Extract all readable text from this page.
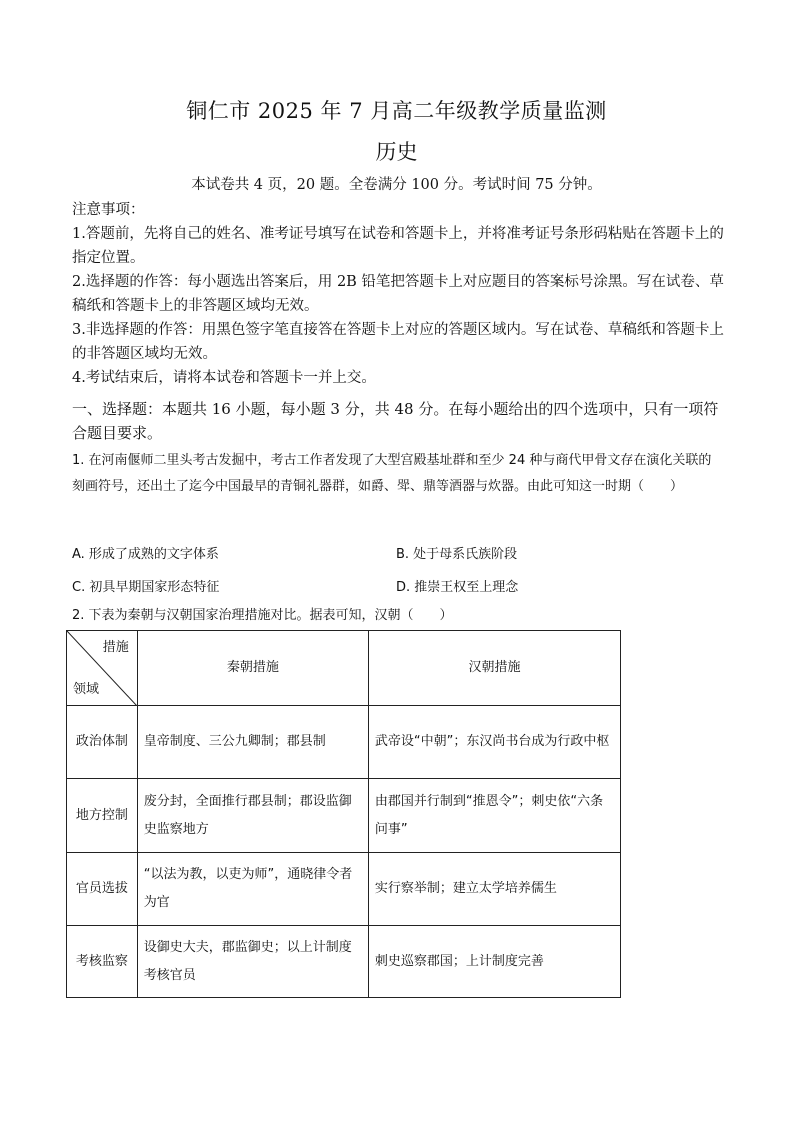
铜仁市 2025 年 7 月高二年级教学质量监测
历史
本试卷共 4 页，20 题。全卷满分 100 分。考试时间 75 分钟。

注意事项：

1.答题前，先将自己的姓名、准考证号填写在试卷和答题卡上，并将准考证号条形码粘贴在答题卡上的指定位置。

2.选择题的作答：每小题选出答案后，用 2B 铅笔把答题卡上对应题目的答案标号涂黑。写在试卷、草稿纸和答题卡上的非答题区域均无效。

3.非选择题的作答：用黑色签字笔直接答在答题卡上对应的答题区域内。写在试卷、草稿纸和答题卡上的非答题区域均无效。

4.考试结束后，请将本试卷和答题卡一并上交。

一、选择题：本题共 16 小题，每小题 3 分，共 48 分。在每小题给出的四个选项中，只有一项符合题目要求。
1. 在河南偃师二里头考古发掘中，考古工作者发现了大型宫殿基址群和至少 24 种与商代甲骨文存在演化关联的刻画符号，还出土了迄今中国最早的青铜礼器群，如爵、斝、鼎等酒器与炊器。由此可知这一时期（　　）
A. 形成了成熟的文字体系	B. 处于母系氏族阶段
C. 初具早期国家形态特征	D. 推崇王权至上理念
2. 下表为秦朝与汉朝国家治理措施对比。据表可知，汉朝（　　）
措施
领域	秦朝措施	汉朝措施
政治体制	皇帝制度、三公九卿制；郡县制	武帝设“中朝”；东汉尚书台成为行政中枢
地方控制	废分封，全面推行郡县制；郡设监御史监察地方	由郡国并行制到“推恩令”；刺史依“六条问事”
官员选拔	“以法为教，以吏为师”，通晓律令者为官	实行察举制；建立太学培养儒生
考核监察	设御史大夫，郡监御史；以上计制度考核官员	刺史巡察郡国；上计制度完善
